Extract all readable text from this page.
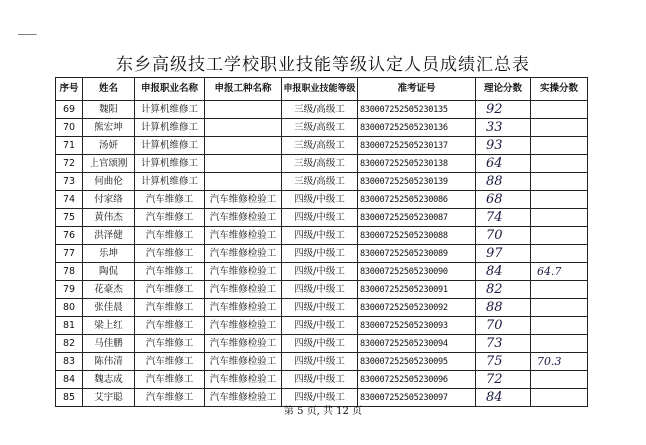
————
东乡高级技工学校职业技能等级认定人员成绩汇总表
序号	姓名	申报职业名称	申报工种名称	申报职业技能等级	准考证号	理论分数	实操分数
69	魏阳	计算机维修工		三级/高级工	830007252505230135	92	
70	熊宏坤	计算机维修工		三级/高级工	830007252505230136	33	
71	汤妍	计算机维修工		三级/高级工	830007252505230137	93	
72	上官颂刚	计算机维修工		三级/高级工	830007252505230138	64	
73	何曲伦	计算机维修工		三级/高级工	830007252505230139	88	
74	付家络	汽车维修工	汽车维修检验工	四级/中级工	830007252505230086	68	
75	黄伟杰	汽车维修工	汽车维修检验工	四级/中级工	830007252505230087	74	
76	洪泽健	汽车维修工	汽车维修检验工	四级/中级工	830007252505230088	70	
77	乐坤	汽车维修工	汽车维修检验工	四级/中级工	830007252505230089	97	
78	陶侃	汽车维修工	汽车维修检验工	四级/中级工	830007252505230090	84	64.7
79	花豪杰	汽车维修工	汽车维修检验工	四级/中级工	830007252505230091	82	
80	张佳晨	汽车维修工	汽车维修检验工	四级/中级工	830007252505230092	88	
81	梁上红	汽车维修工	汽车维修检验工	四级/中级工	830007252505230093	70	
82	马佳鹏	汽车维修工	汽车维修检验工	四级/中级工	830007252505230094	73	
83	陈伟清	汽车维修工	汽车维修检验工	四级/中级工	830007252505230095	75	70.3
84	魏志成	汽车维修工	汽车维修检验工	四级/中级工	830007252505230096	72	
85	艾宇聪	汽车维修工	汽车维修检验工	四级/中级工	830007252505230097	84	
第 5 页, 共 12 页
